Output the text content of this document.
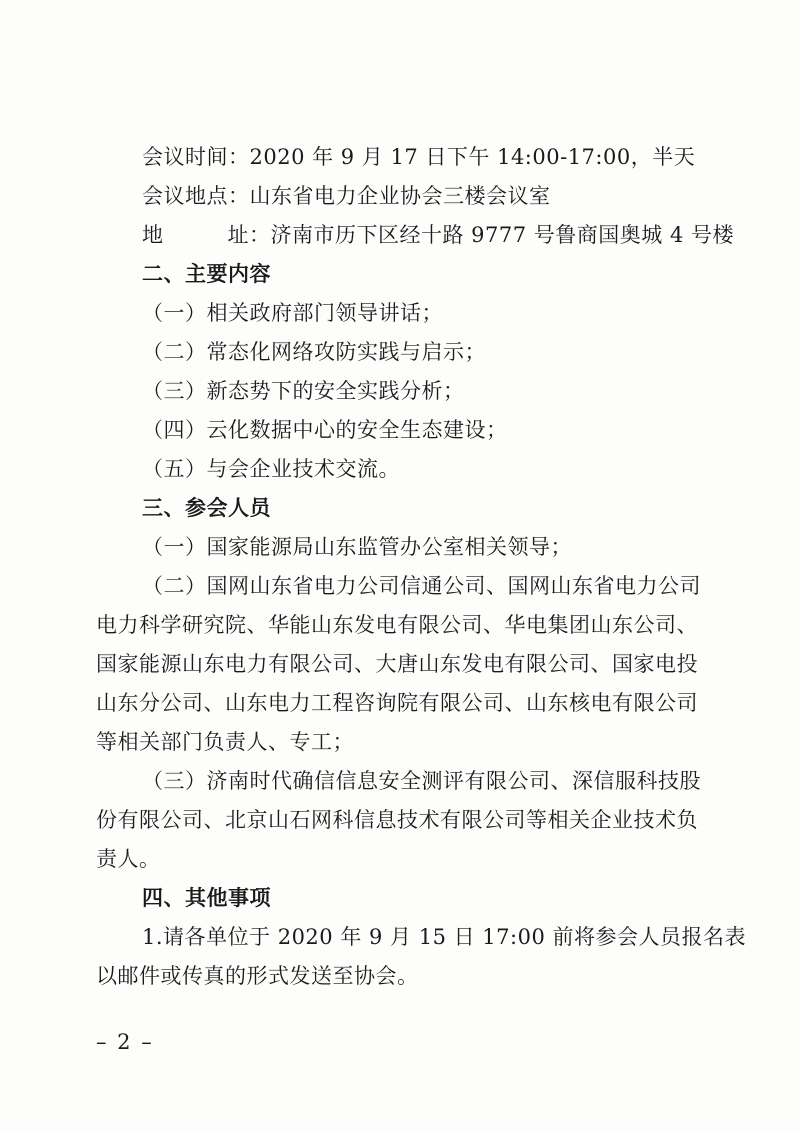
会议时间：2020 年 9 月 17 日下午 14:00-17:00，半天
会议地点：山东省电力企业协会三楼会议室
地	址：济南市历下区经十路 9777 号鲁商国奥城 4 号楼
二、主要内容
（一）相关政府部门领导讲话；
（二）常态化网络攻防实践与启示；
（三）新态势下的安全实践分析；
（四）云化数据中心的安全生态建设；
（五）与会企业技术交流。
三、参会人员
（一）国家能源局山东监管办公室相关领导；
（二）国网山东省电力公司信通公司、国网山东省电力公司
电力科学研究院、华能山东发电有限公司、华电集团山东公司、
国家能源山东电力有限公司、大唐山东发电有限公司、国家电投
山东分公司、山东电力工程咨询院有限公司、山东核电有限公司
等相关部门负责人、专工；
（三）济南时代确信信息安全测评有限公司、深信服科技股
份有限公司、北京山石网科信息技术有限公司等相关企业技术负
责人。
四、其他事项
1.请各单位于 2020 年 9 月 15 日 17:00 前将参会人员报名表
以邮件或传真的形式发送至协会。
– 2 –
